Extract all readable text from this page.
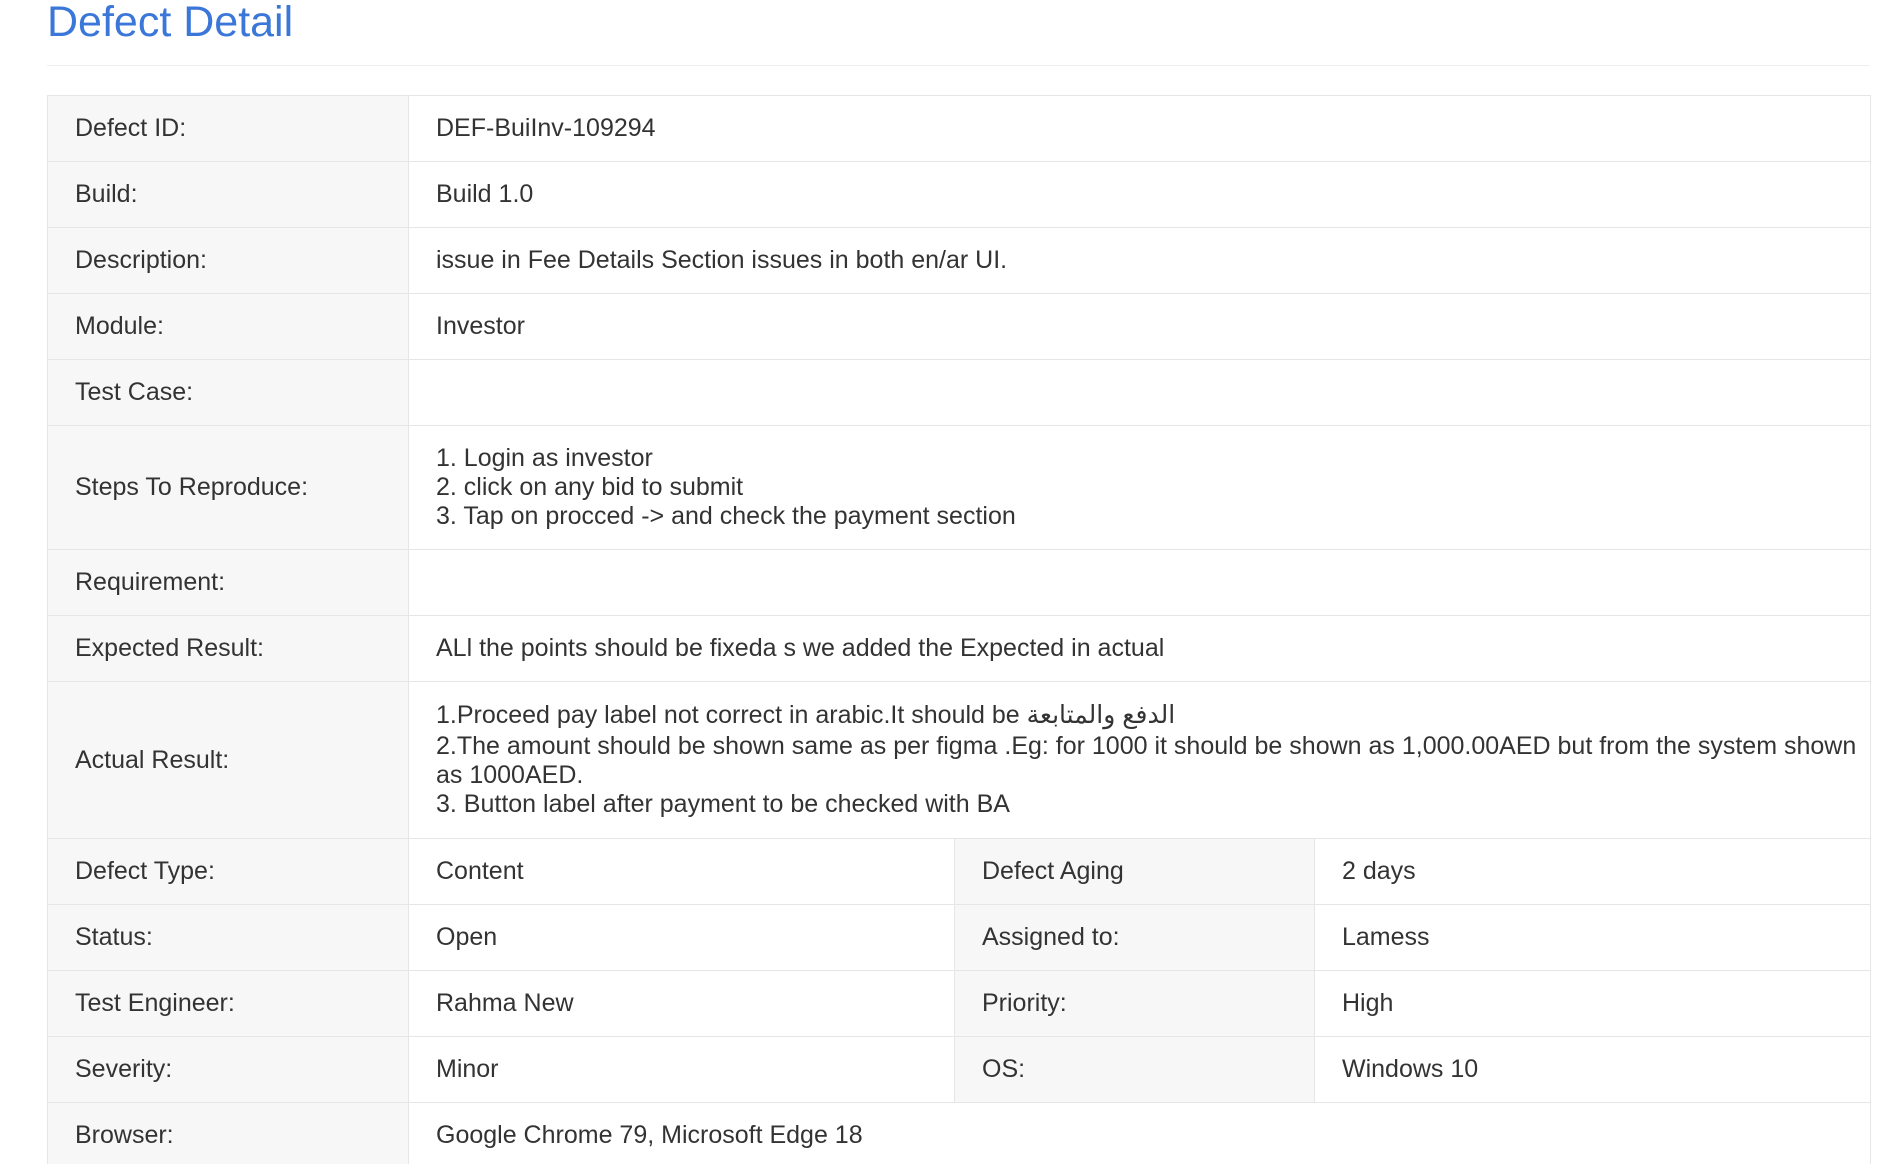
Defect Detail
Defect ID:	DEF-BuiInv-109294		
Build:	Build 1.0		
Description:	issue in Fee Details Section issues in both en/ar UI.		
Module:	Investor		
Test Case:			
Steps To Reproduce:	1. Login as investor
2. click on any bid to submit
3. Tap on procced -> and check the payment section		

Requirement:			
Expected Result:	ALl the points should be fixeda s we added the Expected in actual		
Actual Result:	1.Proceed pay label not correct in arabic.It should be الدفع والمتابعة
2.The amount should be shown same as per figma .Eg: for 1000 it should be shown as 1,000.00AED but from the system shown as 1000AED.
3. Button label after payment to be checked with BA		

Defect Type:	Content	Defect Aging	2 days
Status:	Open	Assigned to:	Lamess
Test Engineer:	Rahma New	Priority:	High
Severity:	Minor	OS:	Windows 10
Browser:	Google Chrome 79, Microsoft Edge 18		
